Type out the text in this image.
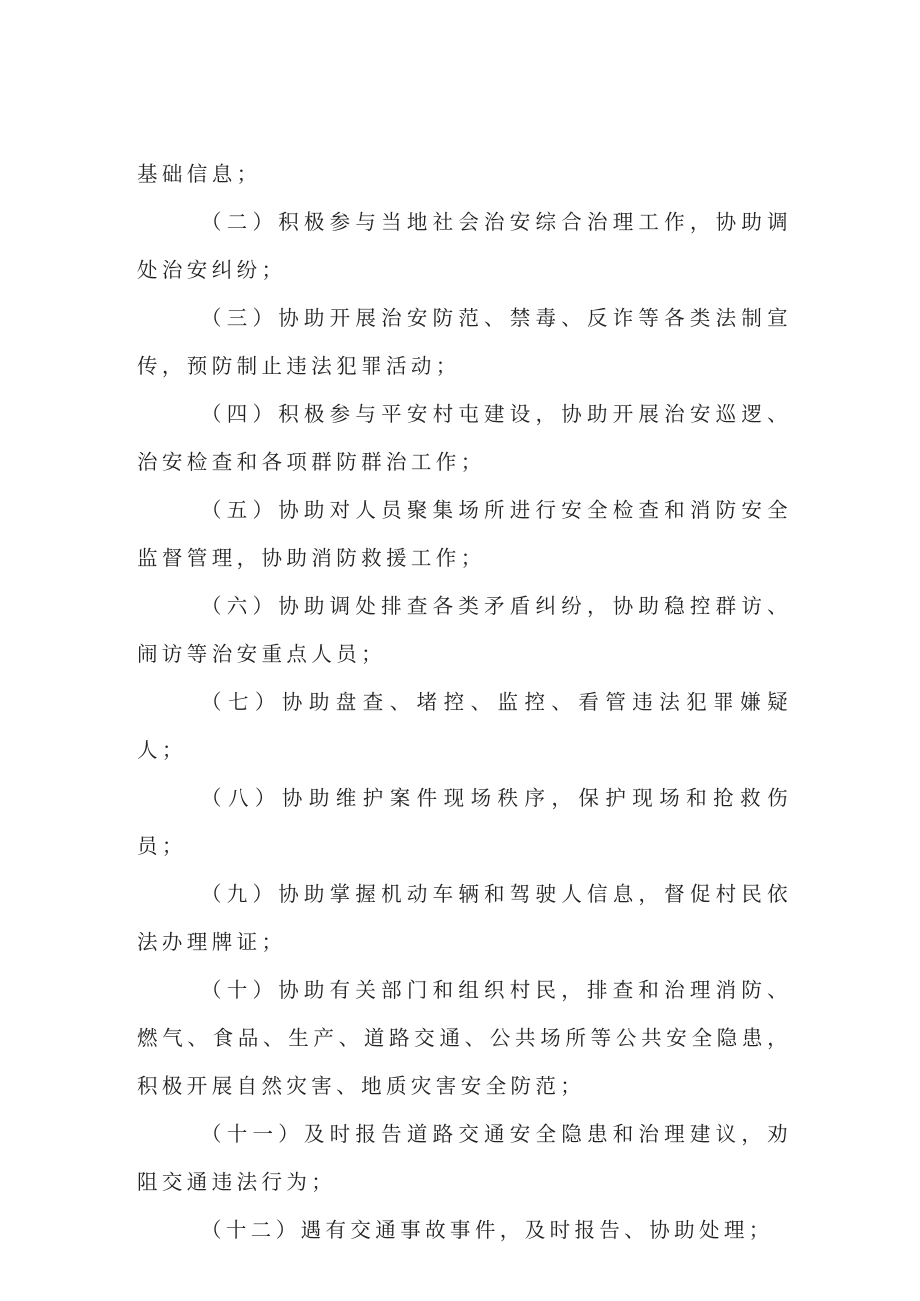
基础信息；

（二）积极参与当地社会治安综合治理工作，协助调处治安纠纷；

（三）协助开展治安防范、禁毒、反诈等各类法制宣传，预防制止违法犯罪活动；

（四）积极参与平安村屯建设，协助开展治安巡逻、治安检查和各项群防群治工作；

（五）协助对人员聚集场所进行安全检查和消防安全监督管理，协助消防救援工作；

（六）协助调处排查各类矛盾纠纷，协助稳控群访、闹访等治安重点人员；

（七）协助盘查、堵控、监控、看管违法犯罪嫌疑人；

（八）协助维护案件现场秩序，保护现场和抢救伤员；

（九）协助掌握机动车辆和驾驶人信息，督促村民依法办理牌证；

（十）协助有关部门和组织村民，排查和治理消防、燃气、食品、生产、道路交通、公共场所等公共安全隐患，积极开展自然灾害、地质灾害安全防范；

（十一）及时报告道路交通安全隐患和治理建议，劝阻交通违法行为；

（十二）遇有交通事故事件，及时报告、协助处理；
